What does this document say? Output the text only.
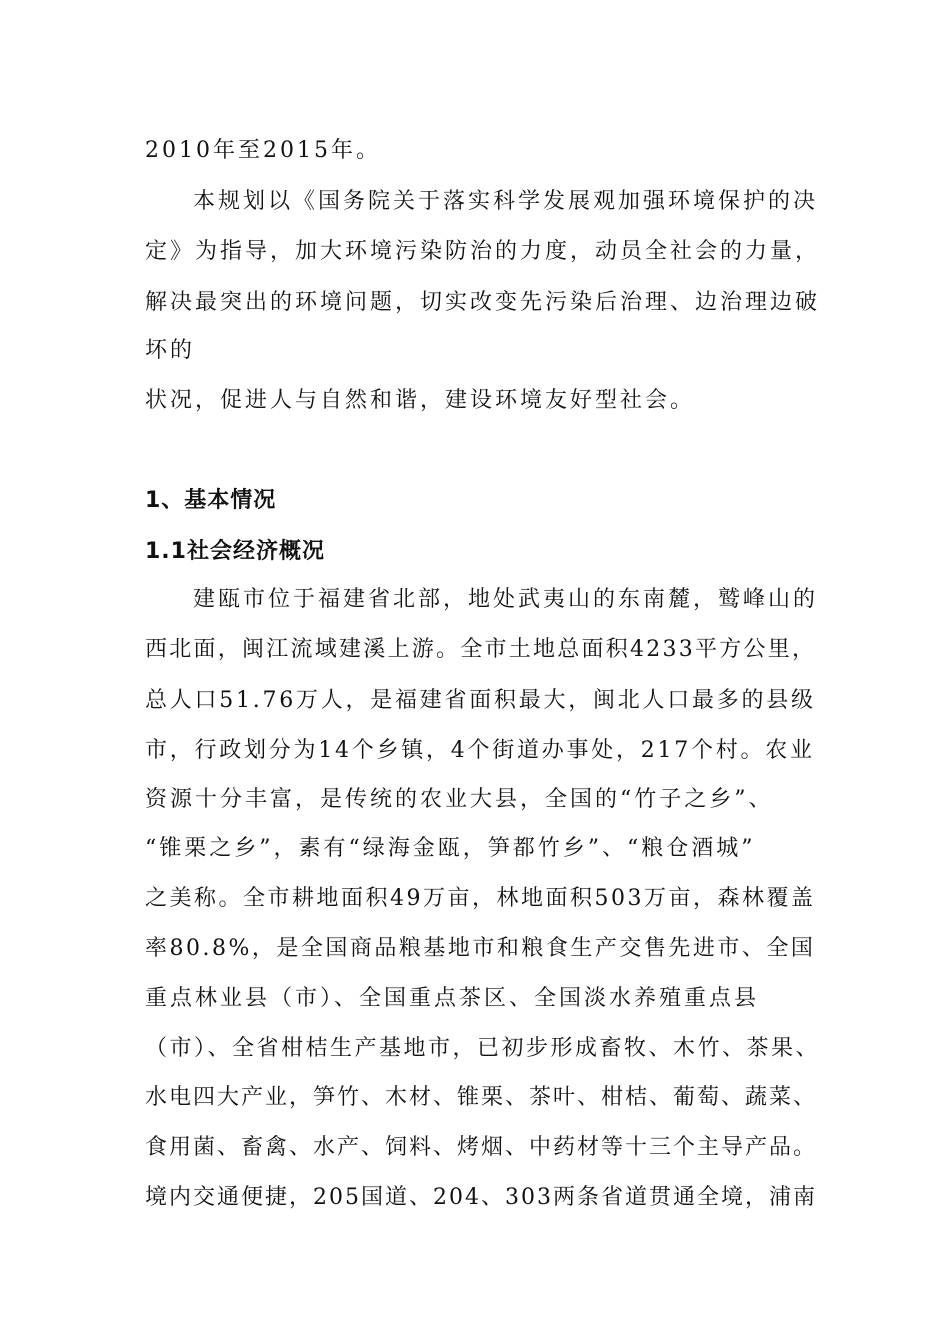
2010年至2015年。
本规划以《国务院关于落实科学发展观加强环境保护的决
定》为指导，加大环境污染防治的力度，动员全社会的力量，
解决最突出的环境问题，切实改变先污染后治理、边治理边破
坏的
状况，促进人与自然和谐，建设环境友好型社会。
1、基本情况
1.1社会经济概况
建瓯市位于福建省北部，地处武夷山的东南麓，鹫峰山的
西北面，闽江流域建溪上游。全市土地总面积4233平方公里，
总人口51.76万人，是福建省面积最大，闽北人口最多的县级
市，行政划分为14个乡镇，4个街道办事处，217个村。农业
资源十分丰富，是传统的农业大县，全国的“竹子之乡”、
“锥栗之乡”，素有“绿海金瓯，笋都竹乡”、“粮仓酒城”
之美称。全市耕地面积49万亩，林地面积503万亩，森林覆盖
率80.8%，是全国商品粮基地市和粮食生产交售先进市、全国
重点林业县（市）、全国重点茶区、全国淡水养殖重点县
（市）、全省柑桔生产基地市，已初步形成畜牧、木竹、茶果、
水电四大产业，笋竹、木材、锥栗、茶叶、柑桔、葡萄、蔬菜、
食用菌、畜禽、水产、饲料、烤烟、中药材等十三个主导产品。
境内交通便捷，205国道、204、303两条省道贯通全境，浦南
